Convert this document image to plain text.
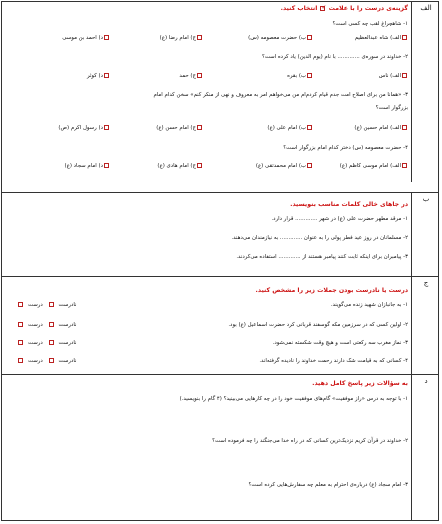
الف
گزینه‌ی درست را با علامت ✓ انتخاب کنید.
۱- شاهچراغ لقب چه کسی است؟
الف) شاه عبدالعظیم
ب) حضرت معصومه (س)
ج) امام رضا (ع)
د) احمد بن موسی
۲- خداوند در سوره‌ی ............. با نام (یوم الدین) یاد کرده است؟
الف) ناس
ب) بقره
ج) حمد
د) کوثر
۳- «همانا من برای اصلاح امت جدم قیام کردم‌ام من می‌خواهم امر به معروف و نهی از منکر کنم» سخن کدام امام
بزرگوار است؟
الف) امام حسین (ع)
ب) امام علی (ع)
ج) امام حسن (ع)
د) رسول اکرم (ص)
۴- حضرت معصومه (س) دختر کدام امام بزرگوار است؟
الف) امام موسی کاظم (ع)
ب) امام محمدتقی (ع)
ج) امام هادی (ع)
د) امام سجاد (ع)
ب
در جاهای خالی کلمات مناسب بنویسید.
۱- مرقد مطهر حضرت علی (ع) در شهر ............. قرار دارد.
۲- مسلمانان در روز عید فطر پولی را به عنوان ............. به نیازمندان می‌دهند.
۳- پیامبران برای اینکه ثابت کنند پیامبر هستند از ............. استفاده می‌کردند.
ج
درست یا نادرست بودن جملات زیر را مشخص کنید.
۱- به جانبازان شهید زنده می‌گویند.
نادرست درست
۲- اولین کسی که در سرزمین مکه گوسفند قربانی کرد حضرت اسماعیل (ع) بود.
نادرست درست
۳- نماز مغرب سه رکعتی است و هیچ وقت شکسته نمی‌شود.
نادرست درست
۴- کسانی که به قیامت شک دارند رحمت خداوند را نادیده گرفته‌اند.
نادرست درست
د
به سؤالات زیر پاسخ کامل دهید.
۱- با توجه به درس «راز موفقیت» گام‌های موفقیت خود را در چه کارهایی می‌بینید؟ (۴ گام را بنویسید.)
۲- خداوند در قرآن کریم نزدیک‌ترین کسانی که در راه خدا می‌جنگند را چه فرموده است؟
۳- امام سجاد (ع) درباره‌ی احترام به معلم چه سفارش‌هایی کرده است؟
